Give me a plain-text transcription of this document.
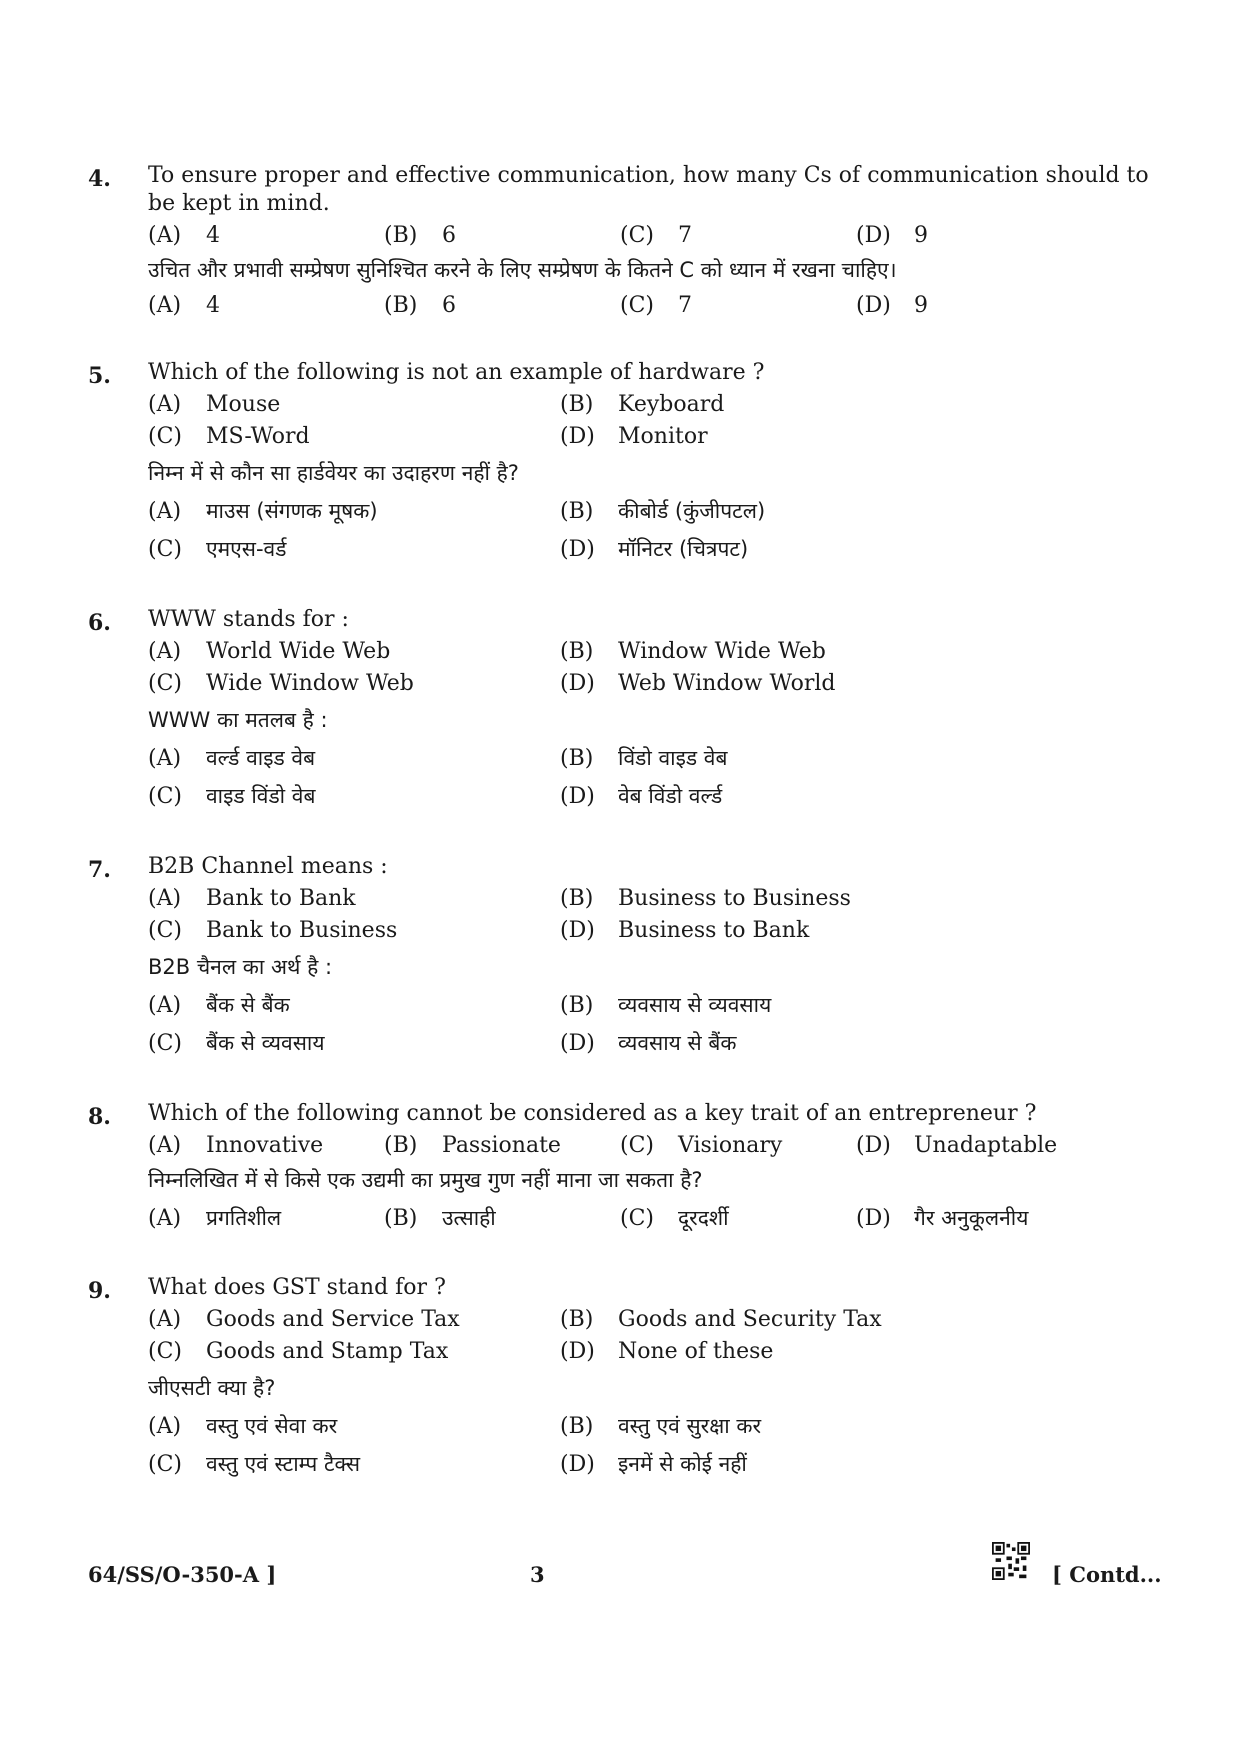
4. To ensure proper and effective communication, how many Cs of communication should to
be kept in mind.
(A) 4	(B) 6	(C) 7	(D) 9
उचित और प्रभावी सम्प्रेषण सुनिश्चित करने के लिए सम्प्रेषण के कितने C को ध्यान में रखना चाहिए।
(A) 4	(B) 6	(C) 7	(D) 9
5. Which of the following is not an example of hardware ?
(A) Mouse	(B) Keyboard
(C) MS-Word	(D) Monitor
निम्न में से कौन सा हार्डवेयर का उदाहरण नहीं है?
(A) माउस (संगणक मूषक)	(B) कीबोर्ड (कुंजीपटल)
(C) एमएस-वर्ड	(D) मॉनिटर (चित्रपट)
6. WWW stands for :
(A) World Wide Web	(B) Window Wide Web
(C) Wide Window Web	(D) Web Window World
WWW का मतलब है :
(A) वर्ल्ड वाइड वेब	(B) विंडो वाइड वेब
(C) वाइड विंडो वेब	(D) वेब विंडो वर्ल्ड
7. B2B Channel means :
(A) Bank to Bank	(B) Business to Business
(C) Bank to Business	(D) Business to Bank
B2B चैनल का अर्थ है :
(A) बैंक से बैंक	(B) व्यवसाय से व्यवसाय
(C) बैंक से व्यवसाय	(D) व्यवसाय से बैंक
8. Which of the following cannot be considered as a key trait of an entrepreneur ?
(A) Innovative	(B) Passionate	(C) Visionary	(D) Unadaptable
निम्नलिखित में से किसे एक उद्यमी का प्रमुख गुण नहीं माना जा सकता है?
(A) प्रगतिशील	(B) उत्साही	(C) दूरदर्शी	(D) गैर अनुकूलनीय
9. What does GST stand for ?
(A) Goods and Service Tax	(B) Goods and Security Tax
(C) Goods and Stamp Tax	(D) None of these
जीएसटी क्या है?
(A) वस्तु एवं सेवा कर	(B) वस्तु एवं सुरक्षा कर
(C) वस्तु एवं स्टाम्प टैक्स	(D) इनमें से कोई नहीं
64/SS/O-350-A ]	3	[ Contd...
